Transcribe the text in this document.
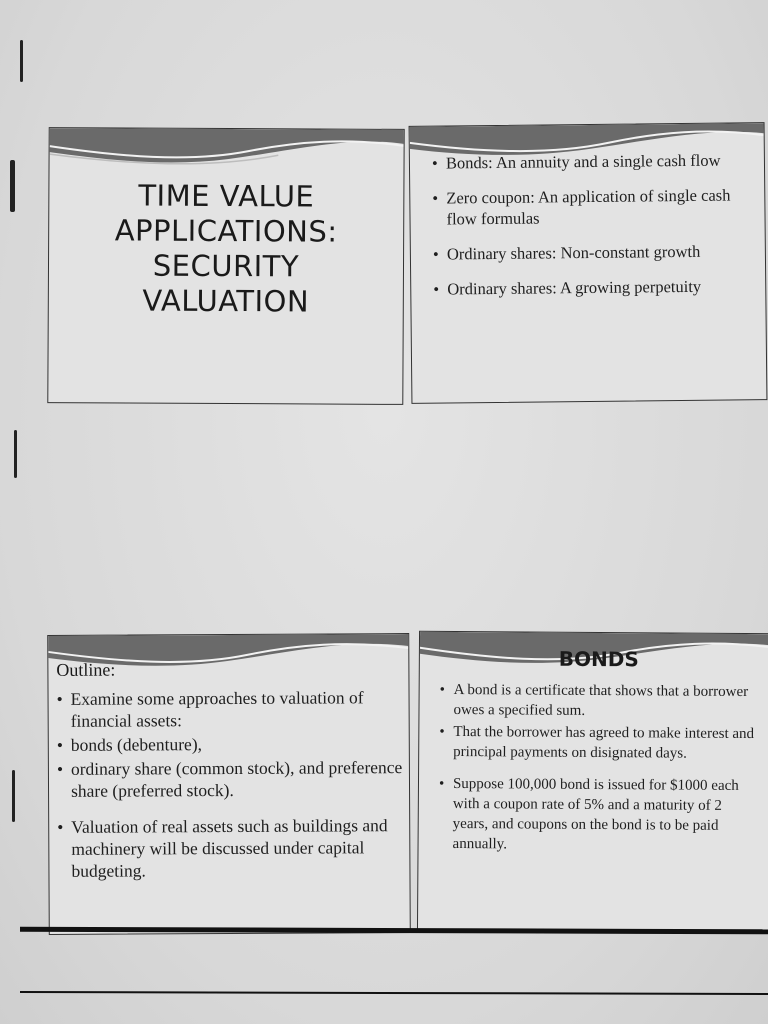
TIME VALUE
APPLICATIONS:
SECURITY
VALUATION
• Bonds: An annuity and a single cash flow
• Zero coupon: An application of single cash flow formulas
• Ordinary shares: Non-constant growth
• Ordinary shares: A growing perpetuity
Outline:
• Examine some approaches to valuation of financial assets:
• bonds (debenture),
• ordinary share (common stock), and preference share (preferred stock).
• Valuation of real assets such as buildings and machinery will be discussed under capital budgeting.
BONDS
• A bond is a certificate that shows that a borrower owes a specified sum.
• That the borrower has agreed to make interest and principal payments on disignated days.
• Suppose 100,000 bond is issued for $1000 each with a coupon rate of 5% and a maturity of 2 years, and coupons on the bond is to be paid annually.
